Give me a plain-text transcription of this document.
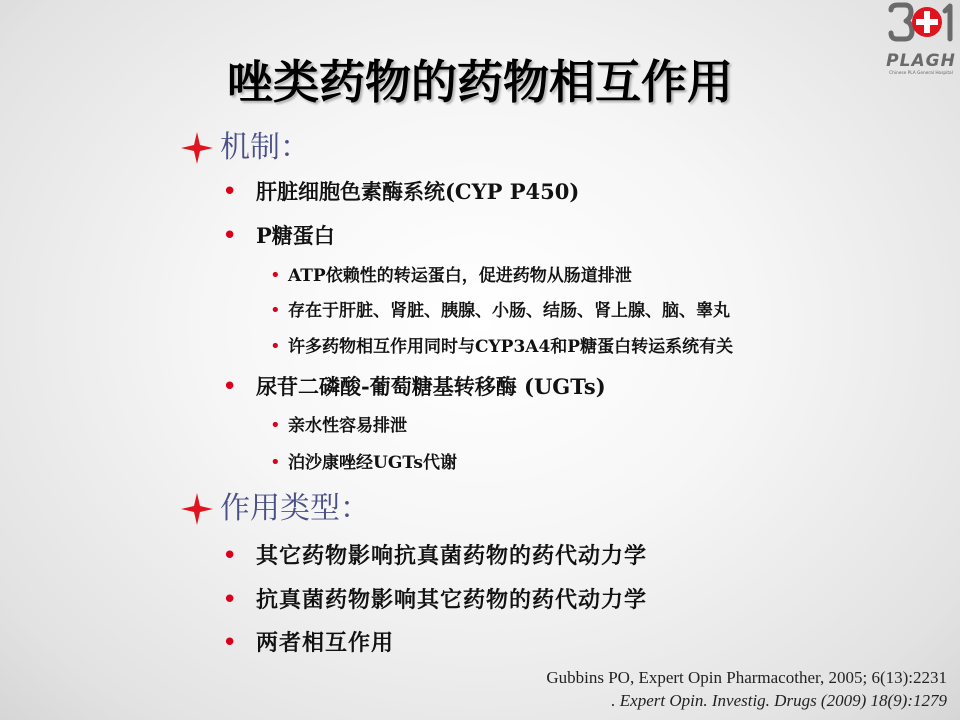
PLAGH
Chinese PLA General Hospital
唑类药物的药物相互作用
机制：
• 肝脏细胞色素酶系统(CYP P450)
• P糖蛋白
• ATP依赖性的转运蛋白，促进药物从肠道排泄
• 存在于肝脏、肾脏、胰腺、小肠、结肠、肾上腺、脑、睾丸
• 许多药物相互作用同时与CYP3A4和P糖蛋白转运系统有关
• 尿苷二磷酸-葡萄糖基转移酶 (UGTs)
• 亲水性容易排泄
• 泊沙康唑经UGTs代谢
作用类型：
• 其它药物影响抗真菌药物的药代动力学
• 抗真菌药物影响其它药物的药代动力学
• 两者相互作用
Gubbins PO, Expert Opin Pharmacother, 2005; 6(13):2231
. Expert Opin. Investig. Drugs (2009) 18(9):1279
